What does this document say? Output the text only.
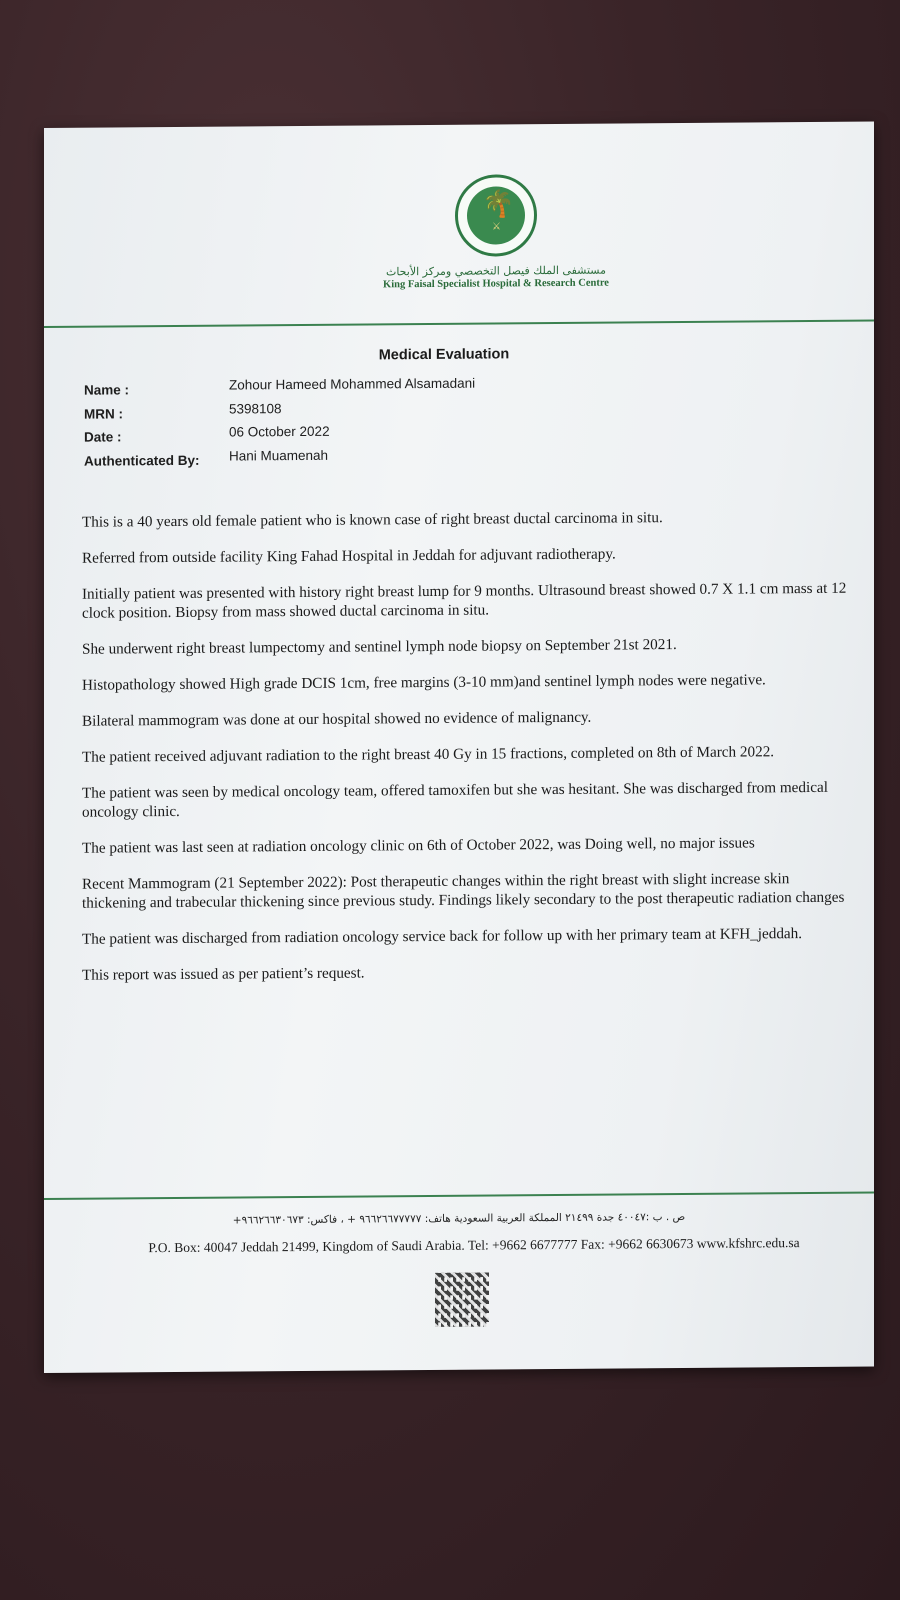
🌴
⚔
مستشفى الملك فيصل التخصصي ومركز الأبحاث
King Faisal Specialist Hospital & Research Centre
Medical Evaluation
Name :	Zohour Hameed Mohammed Alsamadani
MRN :	5398108
Date :	06 October 2022
Authenticated By: Hani Muamenah

This is a 40 years old female patient who is known case of right breast ductal carcinoma in situ.

Referred from outside facility King Fahad Hospital in Jeddah for adjuvant radiotherapy.

Initially patient was presented with history right breast lump for 9 months. Ultrasound breast showed 0.7 X 1.1 cm mass at 12 clock position. Biopsy from mass showed ductal carcinoma in situ.

She underwent right breast lumpectomy and sentinel lymph node biopsy on September 21st 2021.

Histopathology showed High grade DCIS 1cm, free margins (3-10 mm)and sentinel lymph nodes were negative.

Bilateral mammogram was done at our hospital showed no evidence of malignancy.

The patient received adjuvant radiation to the right breast 40 Gy in 15 fractions, completed on 8th of March 2022.

The patient was seen by medical oncology team, offered tamoxifen but she was hesitant. She was discharged from medical oncology clinic.

The patient was last seen at radiation oncology clinic on 6th of October 2022, was Doing well, no major issues

Recent Mammogram (21 September 2022): Post therapeutic changes within the right breast with slight increase skin thickening and trabecular thickening since previous study. Findings likely secondary to the post therapeutic radiation changes

The patient was discharged from radiation oncology service back for follow up with her primary team at KFH_jeddah.

This report was issued as per patient’s request.

ص . ب :٤٠٠٤٧ جدة ٢١٤٩٩ المملكة العربية السعودية هاتف: ٩٦٦٢٦٦٧٧٧٧٧ + ، فاكس: ٩٦٦٢٦٦٣٠٦٧٣+
P.O. Box: 40047 Jeddah 21499, Kingdom of Saudi Arabia. Tel: +9662 6677777 Fax: +9662 6630673 www.kfshrc.edu.sa
